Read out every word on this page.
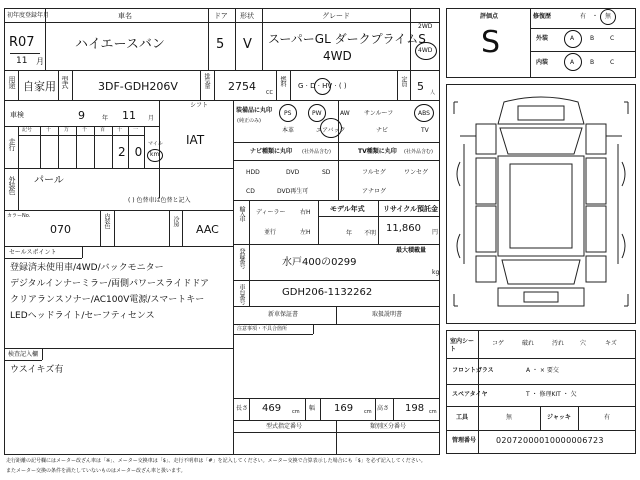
初年度登録年月
R07
11 月
車名
ハイエースバン
ドア
5
形状
V
グレード
スーパーGL ダークプライムS
4WD
2WD
4WD
用途 自家用 型式	3DF-GDH206V	排気量 2754 CC
燃料 G · D · HV · ( )	定員 5 人
車検	9	年 11 月
シフト
IAT
走行
記号	十	万	千	百 十 一
20
マイル
km
外装色 パール
( ) 色替車は色替と記入
カラーNo.
070
内装色	冷房
AAC
セールスポイント
登録済未使用車/4WD/バックモニター
デジタルインナーミラー/両側パワースライドドア
クリアランスソナー/AC100V電源/スマートキー
LEDヘッドライト/セーフティセンス
検査記入欄
ウスイキズ有
装備品に丸印
(純正のみ)
PS	PW	AW サンルーフ	ABS
本革	エアバック	ナビ	TV
ナビ種類に丸印 (社外品含む)	TV種類に丸印 (社外品含む)
HDD	DVD	SD
CD	DVD再生可
フルセグ	ワンセグ
アナログ
輸入車 ディーラー
並行
右H
左H
モデル年式
年 不明
リサイクル預託金
11,860 円
登録番号	水戸400の0299
最大積載量
kg
車台番号	GDH206-1132262
新車保証書	取扱説明書
注意事項・不具合箇所
長さ 469 cm 幅 169 cm 高さ 198 cm
型式指定番号	類別区分番号
評価点
S
修復歴	有 ・ 無
外装	A	B	C
内装	A	B	C
室内シート
コゲ	破れ	汚れ	穴	キズ
フロントガラス	A ・ × 要交
スペアタイヤ	T ・ 修理KIT ・ 欠
工具	無	ジャッキ	有
管理番号 02072000010000006723
走行距離の記号欄にはメーター改ざん車は「※」、メーター交換車は「$」、走行不明車は「#」を記入してください。メーター交換で合算表示した場合にも「$」を必ず記入してください。
またメーター交換の条件を満たしていないものはメーター改ざん車と扱います。
